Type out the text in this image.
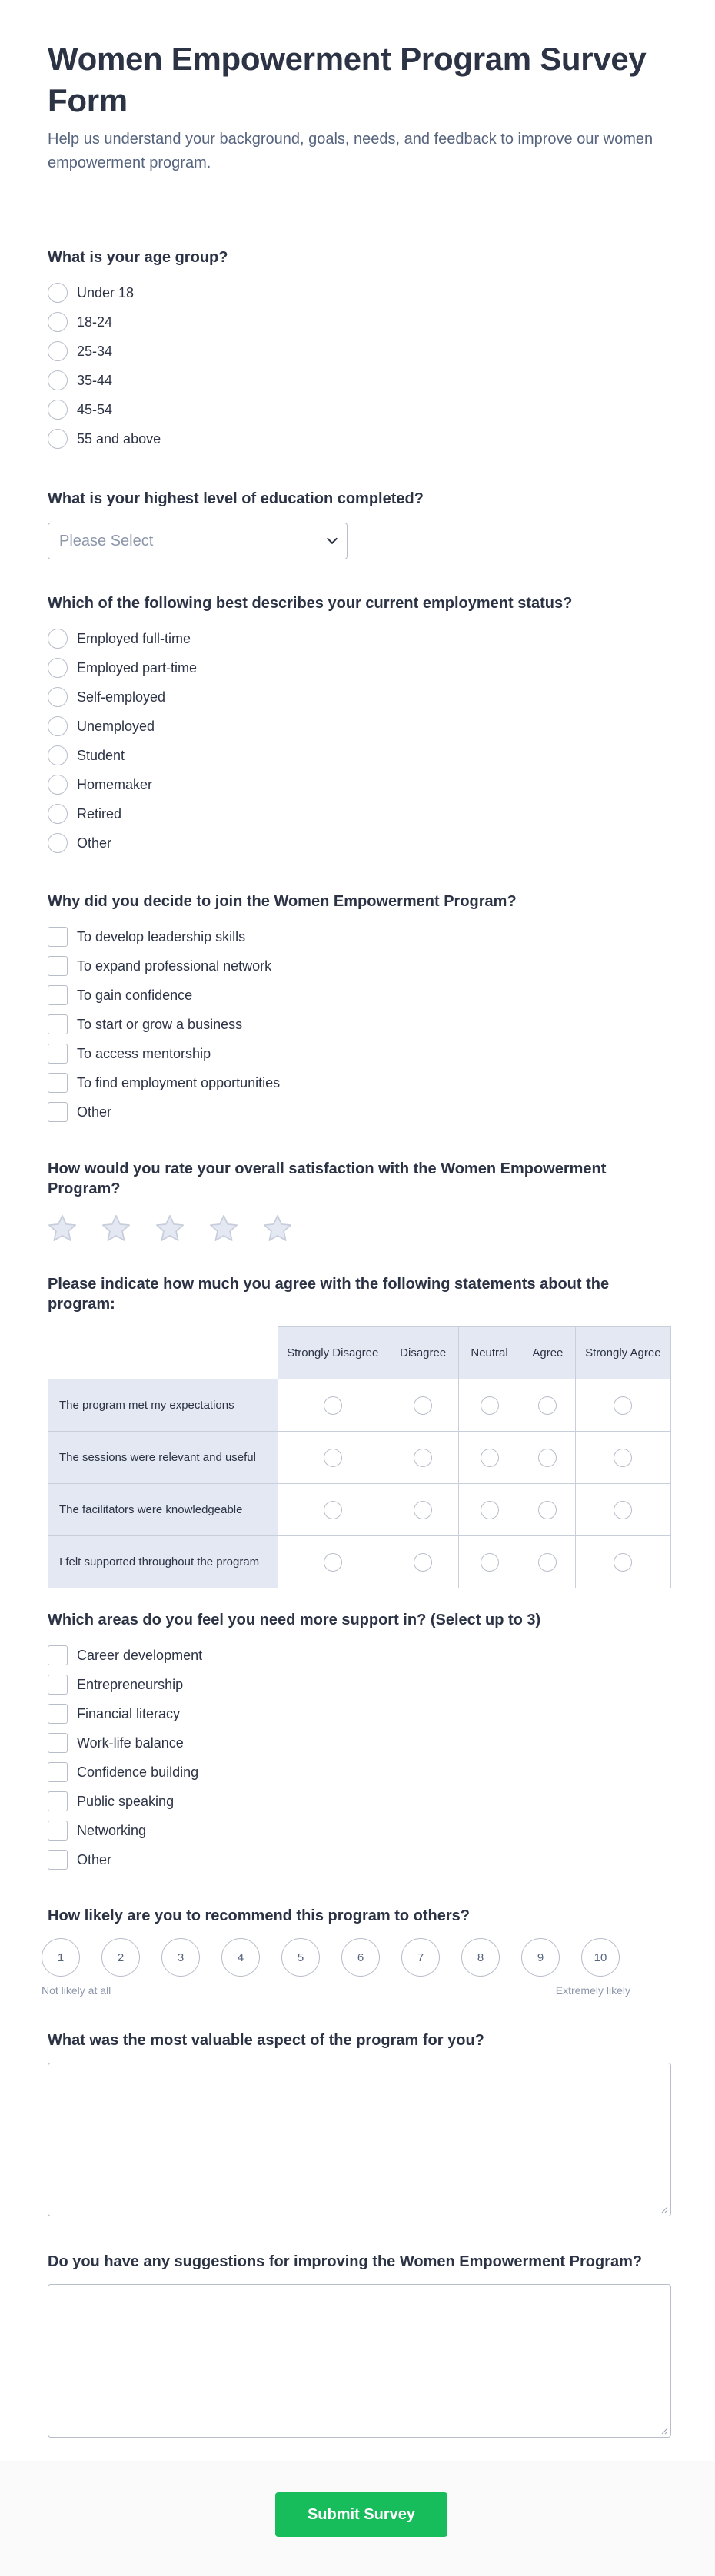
Women Empowerment Program Survey Form

Help us understand your background, goals, needs, and feedback to improve our women empowerment program.

What is your age group?
Under 18
18-24
25-34
35-44
45-54
55 and above
What is your highest level of education completed?
Please Select
Which of the following best describes your current employment status?
Employed full-time
Employed part-time
Self-employed
Unemployed
Student
Homemaker
Retired
Other
Why did you decide to join the Women Empowerment Program?
To develop leadership skills
To expand professional network
To gain confidence
To start or grow a business
To access mentorship
To find employment opportunities
Other
How would you rate your overall satisfaction with the Women Empowerment Program?
Please indicate how much you agree with the following statements about the program:
	Strongly Disagree	Disagree	Neutral	Agree	Strongly Agree
The program met my expectations					
The sessions were relevant and useful					
The facilitators were knowledgeable					
I felt supported throughout the program					
Which areas do you feel you need more support in? (Select up to 3)
Career development
Entrepreneurship
Financial literacy
Work-life balance
Confidence building
Public speaking
Networking
Other
How likely are you to recommend this program to others?
1	2	3	4	5	6	7	8	9	10
Not likely at all	Extremely likely
What was the most valuable aspect of the program for you?
Do you have any suggestions for improving the Women Empowerment Program?
Submit Survey
